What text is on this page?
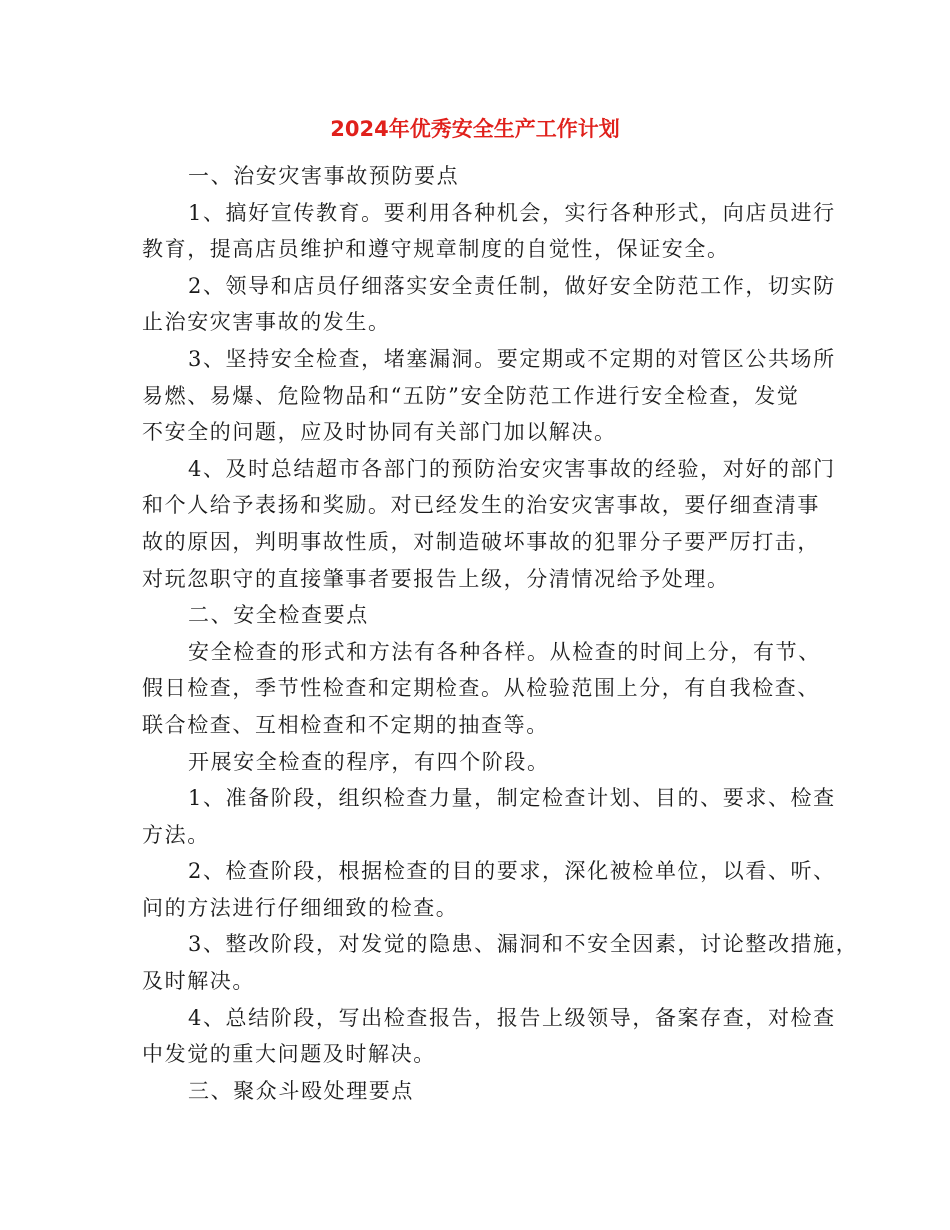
2024年优秀安全生产工作计划
一、治安灾害事故预防要点
1、搞好宣传教育。要利用各种机会，实行各种形式，向店员进行
教育，提高店员维护和遵守规章制度的自觉性，保证安全。
2、领导和店员仔细落实安全责任制，做好安全防范工作，切实防
止治安灾害事故的发生。
3、坚持安全检查，堵塞漏洞。要定期或不定期的对管区公共场所
易燃、易爆、危险物品和“五防”安全防范工作进行安全检查，发觉
不安全的问题，应及时协同有关部门加以解决。
4、及时总结超市各部门的预防治安灾害事故的经验，对好的部门
和个人给予表扬和奖励。对已经发生的治安灾害事故，要仔细查清事
故的原因，判明事故性质，对制造破坏事故的犯罪分子要严厉打击，
对玩忽职守的直接肇事者要报告上级，分清情况给予处理。
二、安全检查要点
安全检查的形式和方法有各种各样。从检查的时间上分，有节、
假日检查，季节性检查和定期检查。从检验范围上分，有自我检查、
联合检查、互相检查和不定期的抽查等。
开展安全检查的程序，有四个阶段。
1、准备阶段，组织检查力量，制定检查计划、目的、要求、检查
方法。
2、检查阶段，根据检查的目的要求，深化被检单位，以看、听、
问的方法进行仔细细致的检查。
3、整改阶段，对发觉的隐患、漏洞和不安全因素，讨论整改措施，
及时解决。
4、总结阶段，写出检查报告，报告上级领导，备案存查，对检查
中发觉的重大问题及时解决。
三、聚众斗殴处理要点
